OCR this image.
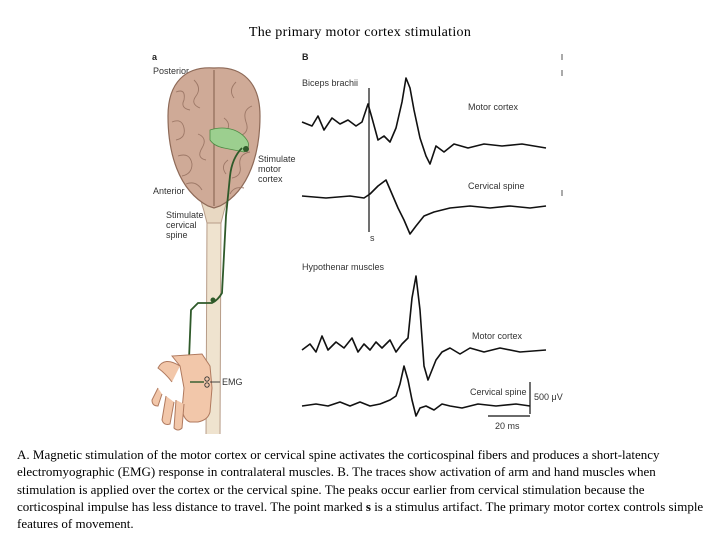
The primary motor cortex stimulation
a
Posterior
Stimulate motor cortex
Anterior
Stimulate cervical spine
EMG
B
Biceps brachii
Motor cortex
Cervical spine
s
Hypothenar muscles
Motor cortex
Cervical spine 500 μV
20 ms
A. Magnetic stimulation of the motor cortex or cervical spine activates the corticospinal fibers and produces a short-latency electromyographic (EMG) response in contralateral muscles. B. The traces show activation of arm and hand muscles when stimulation is applied over the cortex or the cervical spine. The peaks occur earlier from cervical stimulation because the corticospinal impulse has less distance to travel. The point marked s is a stimulus artifact. The primary motor cortex controls simple features of movement.
